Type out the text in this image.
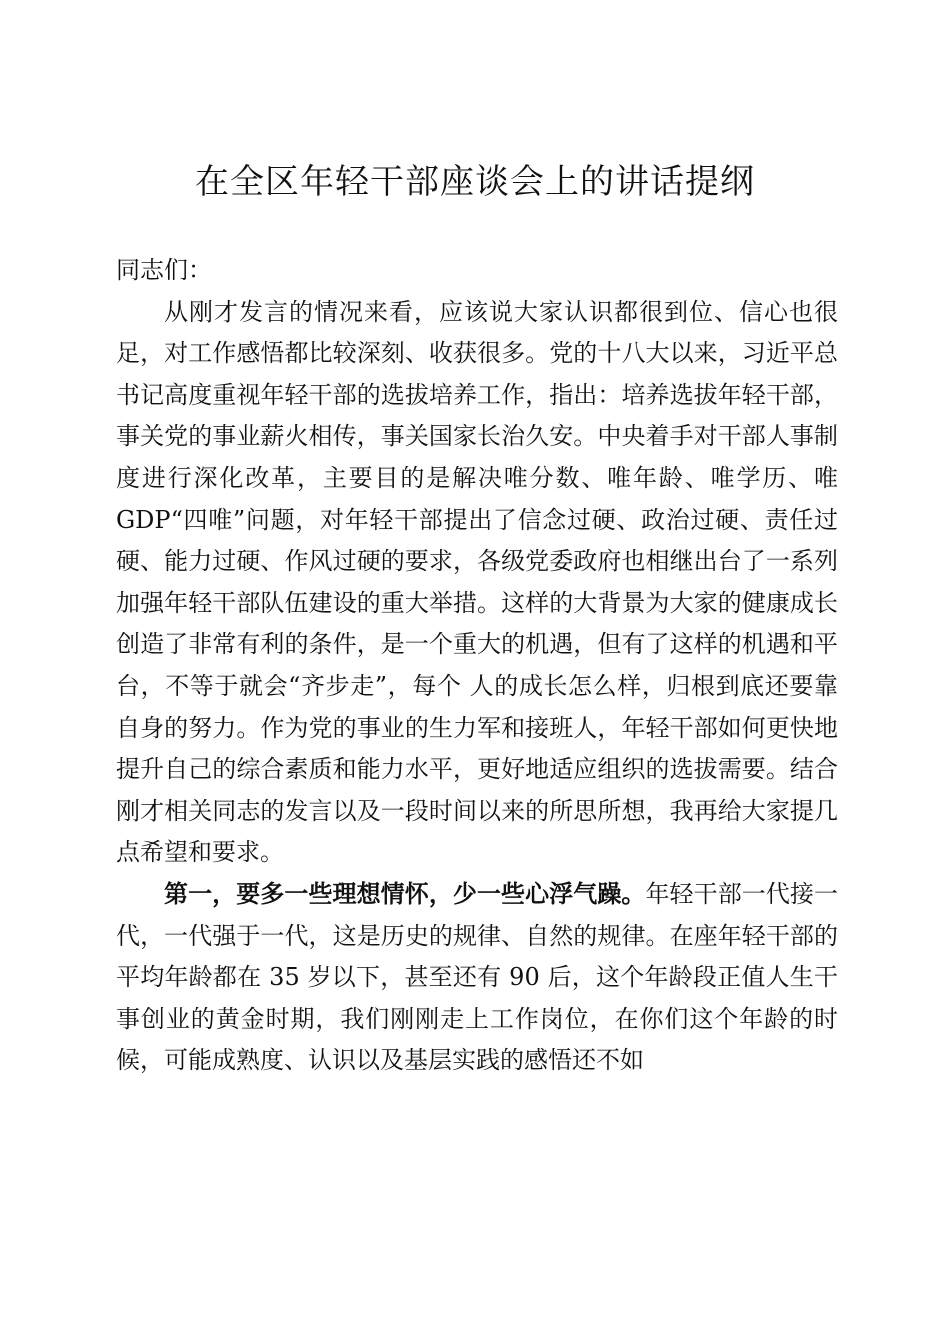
在全区年轻干部座谈会上的讲话提纲

同志们：

从刚才发言的情况来看，应该说大家认识都很到位、信心也很足，对工作感悟都比较深刻、收获很多。党的十八大以来，习近平总书记高度重视年轻干部的选拔培养工作，指出：培养选拔年轻干部，事关党的事业薪火相传，事关国家长治久安。中央着手对干部人事制度进行深化改革，主要目的是解决唯分数、唯年龄、唯学历、唯 GDP“四唯”问题，对年轻干部提出了信念过硬、政治过硬、责任过硬、能力过硬、作风过硬的要求，各级党委政府也相继出台了一系列加强年轻干部队伍建设的重大举措。这样的大背景为大家的健康成长创造了非常有利的条件，是一个重大的机遇，但有了这样的机遇和平台，不等于就会“齐步走”，每个 人的成长怎么样，归根到底还要靠自身的努力。作为党的事业的生力军和接班人，年轻干部如何更快地提升自己的综合素质和能力水平，更好地适应组织的选拔需要。结合刚才相关同志的发言以及一段时间以来的所思所想，我再给大家提几点希望和要求。

第一，要多一些理想情怀，少一些心浮气躁。年轻干部一代接一代，一代强于一代，这是历史的规律、自然的规律。在座年轻干部的平均年龄都在 35 岁以下，甚至还有 90 后，这个年龄段正值人生干事创业的黄金时期，我们刚刚走上工作岗位，在你们这个年龄的时候，可能成熟度、认识以及基层实践的感悟还不如
